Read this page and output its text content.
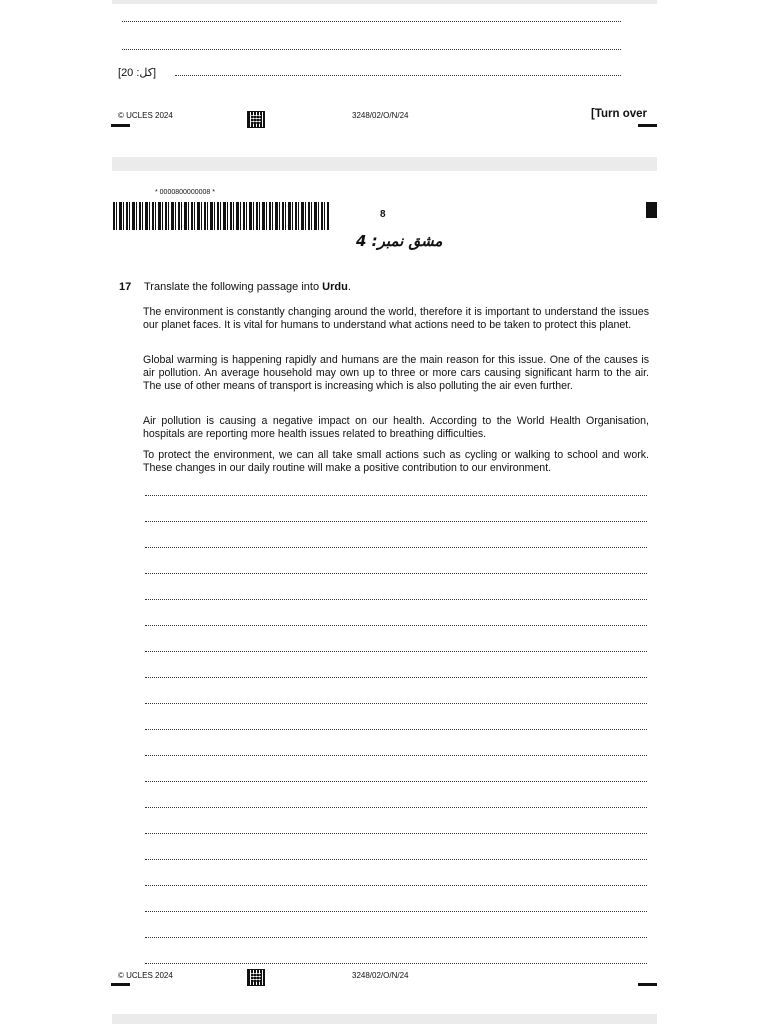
[کل: 20]
© UCLES 2024	3248/02/O/N/24	[Turn over
* 0000800000008 *
8
مشق نمبر: 4
17 Translate the following passage into Urdu.
The environment is constantly changing around the world, therefore it is important to understand the issues our planet faces. It is vital for humans to understand what actions need to be taken to protect this planet.
Global warming is happening rapidly and humans are the main reason for this issue. One of the causes is air pollution. An average household may own up to three or more cars causing significant harm to the air. The use of other means of transport is increasing which is also polluting the air even further.
Air pollution is causing a negative impact on our health. According to the World Health Organisation, hospitals are reporting more health issues related to breathing difficulties.
To protect the environment, we can all take small actions such as cycling or walking to school and work. These changes in our daily routine will make a positive contribution to our environment.
© UCLES 2024	3248/02/O/N/24
